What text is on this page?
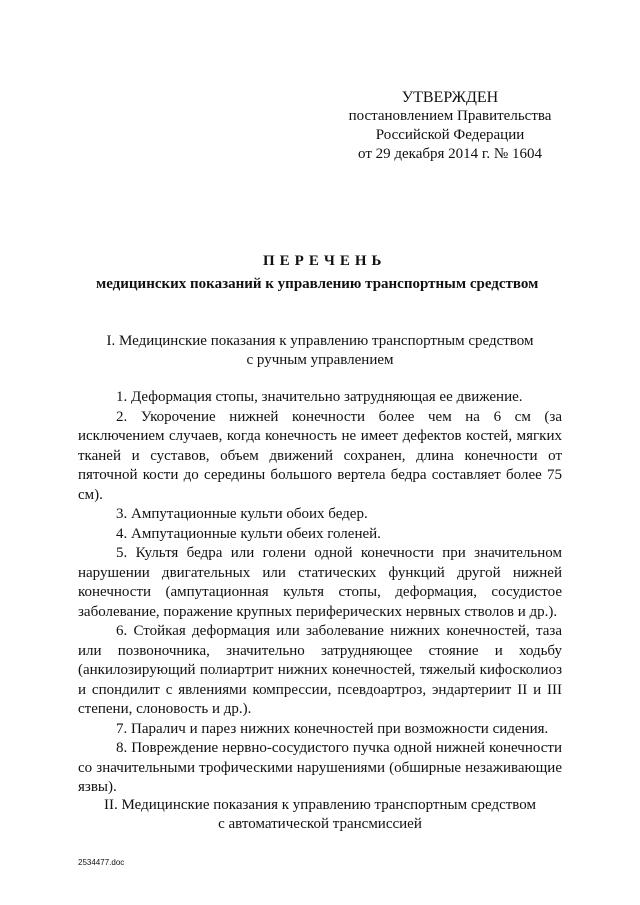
УТВЕРЖДЕН
постановлением Правительства
Российской Федерации
от 29 декабря 2014 г. № 1604
ПЕРЕЧЕНЬ
медицинских показаний к управлению транспортным средством
I. Медицинские показания к управлению транспортным средством
с ручным управлением

1. Деформация стопы, значительно затрудняющая ее движение.

2. Укорочение нижней конечности более чем на 6 см (за исключением случаев, когда конечность не имеет дефектов костей, мягких тканей и суставов, объем движений сохранен, длина конечности от пяточной кости до середины большого вертела бедра составляет более 75 см).

3. Ампутационные культи обоих бедер.

4. Ампутационные культи обеих голеней.

5. Культя бедра или голени одной конечности при значительном нарушении двигательных или статических функций другой нижней конечности (ампутационная культя стопы, деформация, сосудистое заболевание, поражение крупных периферических нервных стволов и др.).

6. Стойкая деформация или заболевание нижних конечностей, таза или позвоночника, значительно затрудняющее стояние и ходьбу (анкилозирующий полиартрит нижних конечностей, тяжелый кифосколиоз и спондилит с явлениями компрессии, псевдоартроз, эндартериит II и III степени, слоновость и др.).

7. Паралич и парез нижних конечностей при возможности сидения.

8. Повреждение нервно-сосудистого пучка одной нижней конечности со значительными трофическими нарушениями (обширные незаживающие язвы).

II. Медицинские показания к управлению транспортным средством
с автоматической трансмиссией
2534477.doc
